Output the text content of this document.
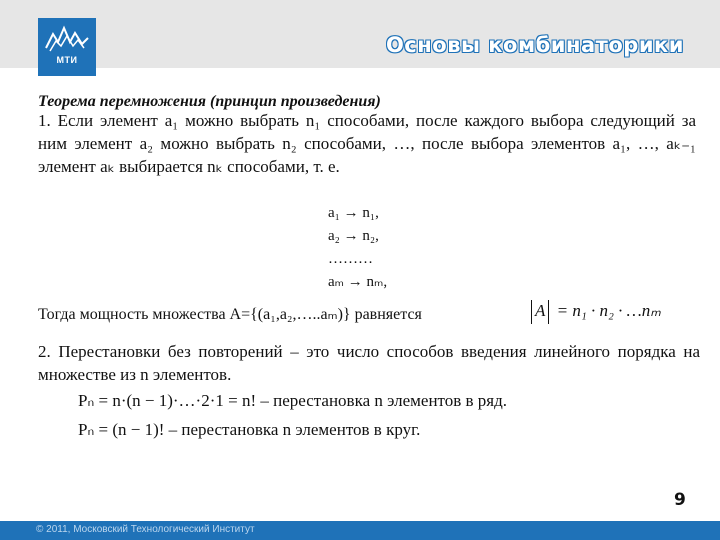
МТИ
Основы комбинаторики
Теорема перемножения (принцип произведения)
1. Если элемент a₁ можно выбрать n₁ способами, после каждого выбора следующий за ним элемент a₂ можно выбрать n₂ способами, …, после выбора элементов a₁, …, aₖ₋₁ элемент aₖ выбирается nₖ способами, т. е.
a₁ → n₁,
a₂ → n₂,
………
aₘ → nₘ,
Тогда мощность множества A={(a₁,a₂,…..aₘ)} равняется	A = n₁ · n₂ · …nₘ
2. Перестановки без повторений – это число способов введения линейного порядка на множестве из n элементов.
Pₙ = n·(n − 1)·…·2·1 = n! – перестановка n элементов в ряд.
Pₙ = (n − 1)! – перестановка n элементов в круг.
9
© 2011, Московский Технологический Институт
